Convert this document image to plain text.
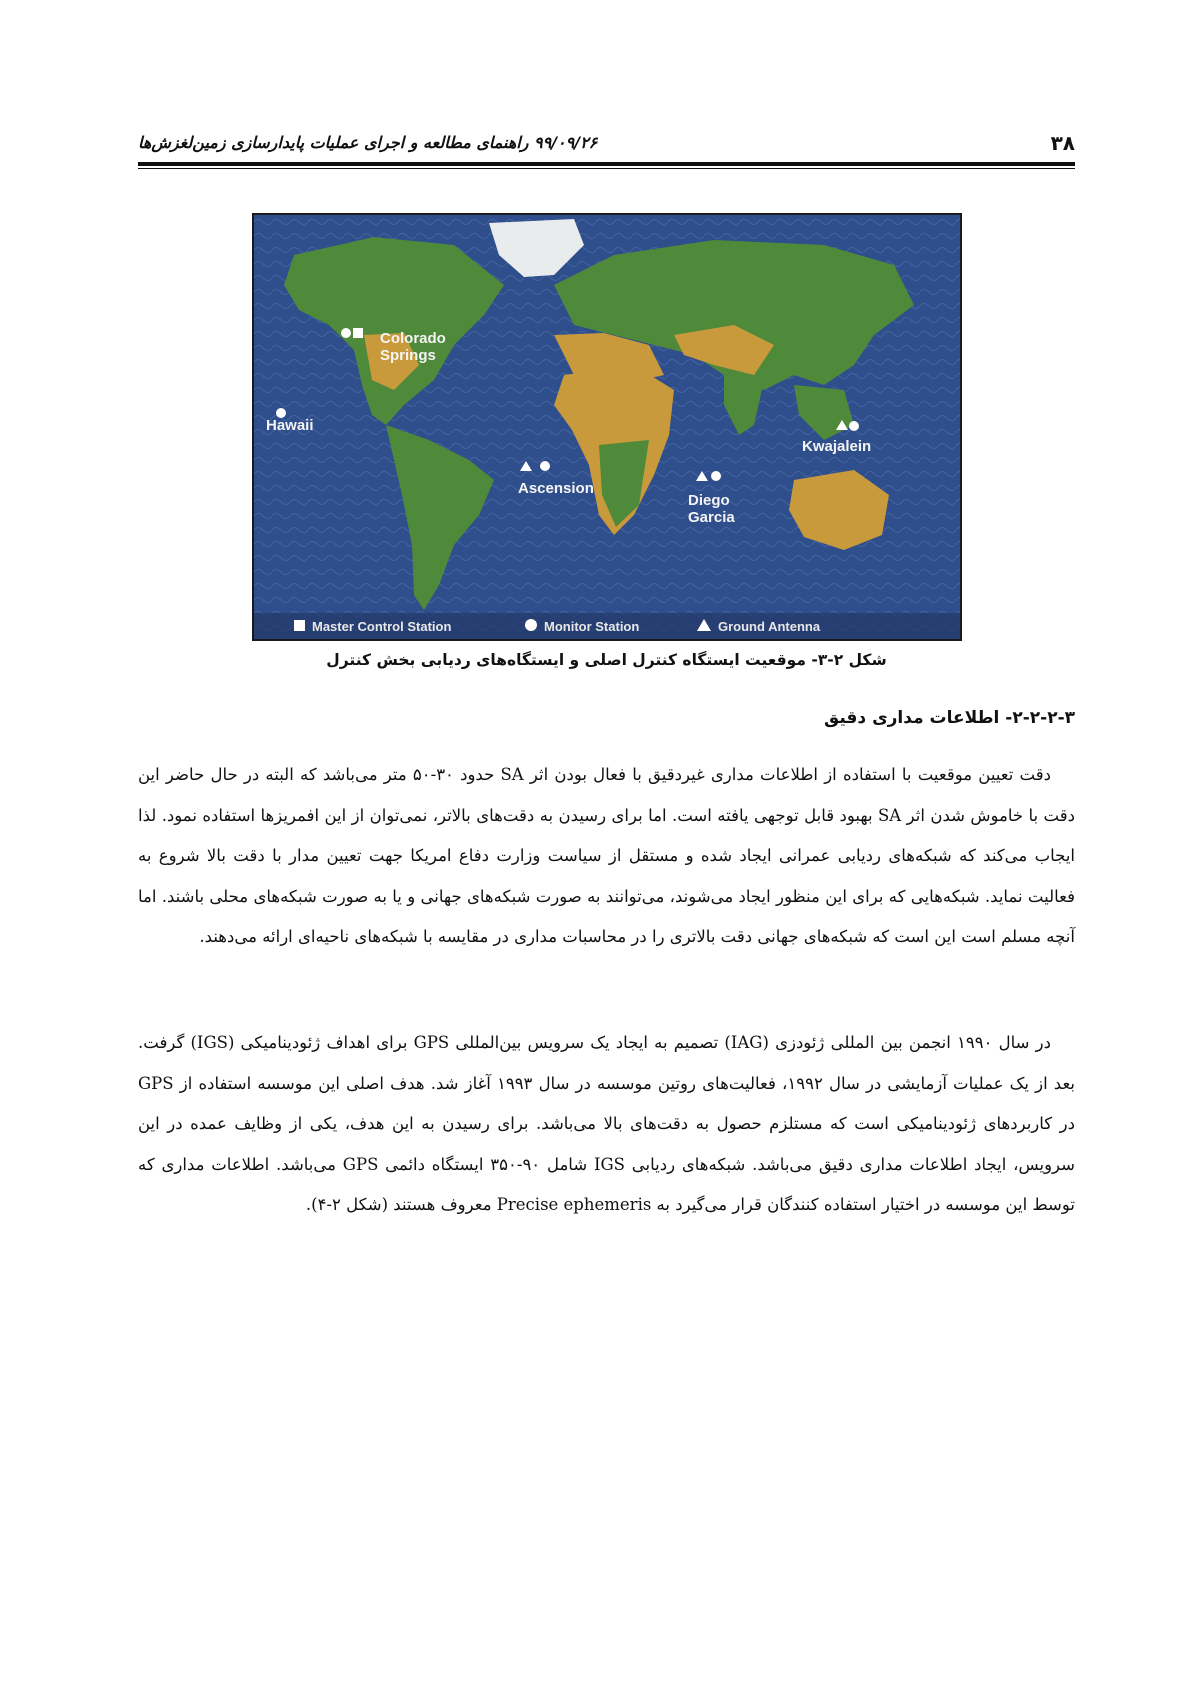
۳۸
۹۹/۰۹/۲۶ راهنمای مطالعه و اجرای عملیات پایدارسازی زمین‌لغزش‌ها
Colorado
Springs
Hawaii
Kwajalein
Ascension
Diego
Garcia
Master Control Station	Monitor Station	Ground Antenna
شکل ۲-۳- موقعیت ایستگاه کنترل اصلی و ایستگاه‌های ردیابی بخش کنترل
۲-۲-۲-۳- اطلاعات مداری دقیق

دقت تعیین موقعیت با استفاده از اطلاعات مداری غیردقیق با فعال بودن اثر SA حدود ۳۰-۵۰ متر می‌باشد که البته در حال حاضر این دقت با خاموش شدن اثر SA بهبود قابل توجهی یافته است. اما برای رسیدن به دقت‌های بالاتر، نمی‌توان از این افمریزها استفاده نمود. لذا ایجاب می‌کند که شبکه‌های ردیابی عمرانی ایجاد شده و مستقل از سیاست وزارت دفاع امریکا جهت تعیین مدار با دقت بالا شروع به فعالیت نماید. شبکه‌هایی که برای این منظور ایجاد می‌شوند، می‌توانند به صورت شبکه‌های جهانی و یا به صورت شبکه‌های محلی باشند. اما آنچه مسلم است این است که شبکه‌های جهانی دقت بالاتری را در محاسبات مداری در مقایسه با شبکه‌های ناحیه‌ای ارائه می‌دهند.

در سال ۱۹۹۰ انجمن بین المللی ژئودزی (IAG) تصمیم به ایجاد یک سرویس بین‌المللی GPS برای اهداف ژئودینامیکی (IGS) گرفت. بعد از یک عملیات آزمایشی در سال ۱۹۹۲، فعالیت‌های روتین موسسه در سال ۱۹۹۳ آغاز شد. هدف اصلی این موسسه استفاده از GPS در کاربردهای ژئودینامیکی است که مستلزم حصول به دقت‌های بالا می‌باشد. برای رسیدن به این هدف، یکی از وظایف عمده در این سرویس، ایجاد اطلاعات مداری دقیق می‌باشد. شبکه‌های ردیابی IGS شامل ۹۰-۳۵۰ ایستگاه دائمی GPS می‌باشد. اطلاعات مداری که توسط این موسسه در اختیار استفاده کنندگان قرار می‌گیرد به Precise ephemeris معروف هستند (شکل ۲-۴).
